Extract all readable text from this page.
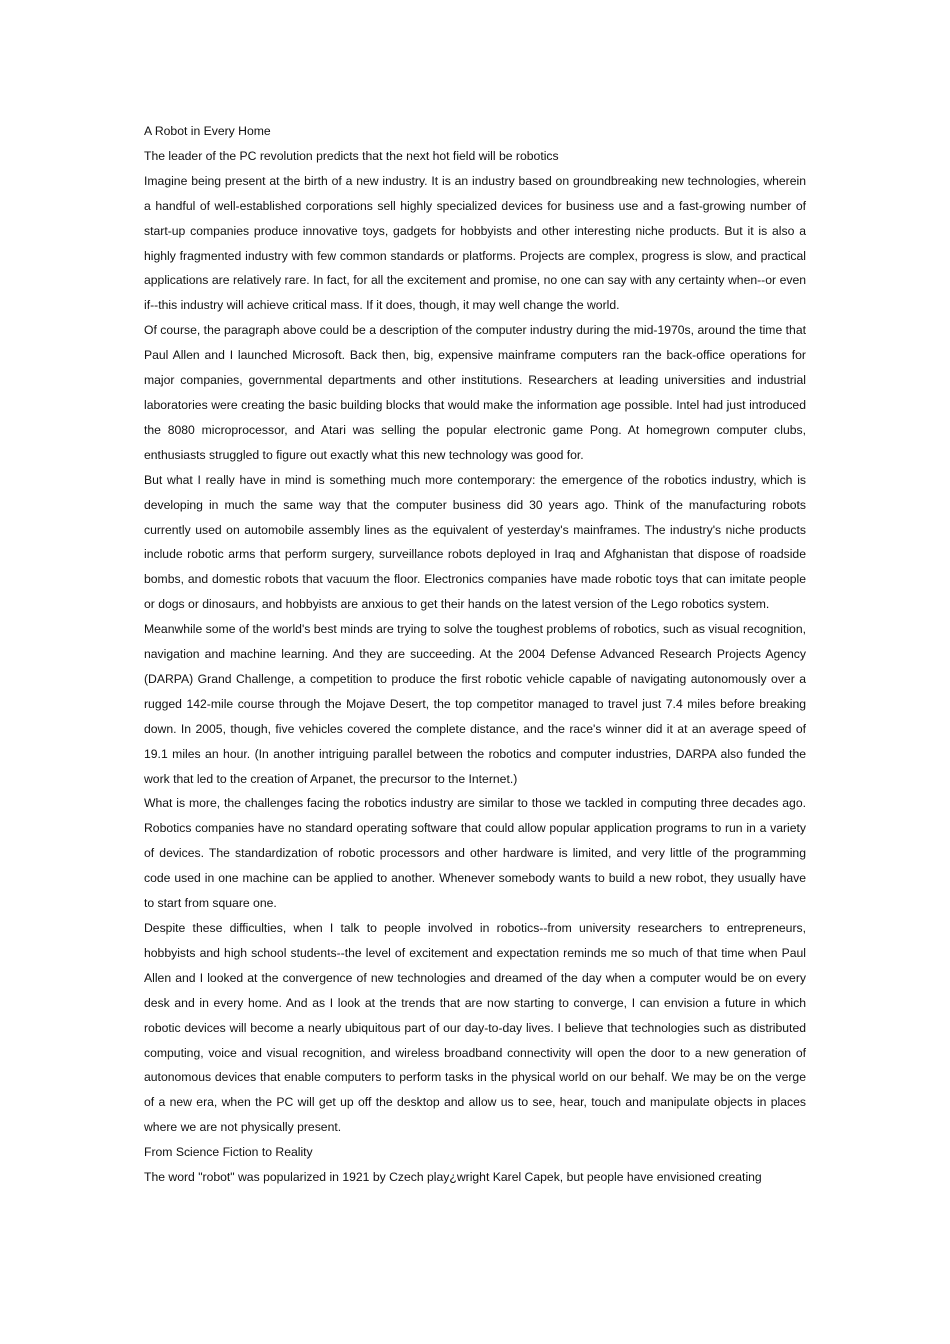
A Robot in Every Home

The leader of the PC revolution predicts that the next hot field will be robotics

Imagine being present at the birth of a new industry. It is an industry based on groundbreaking new technologies, wherein a handful of well-established corporations sell highly specialized devices for business use and a fast-growing number of start-up companies produce innovative toys, gadgets for hobbyists and other interesting niche products. But it is also a highly fragmented industry with few common standards or platforms. Projects are complex, progress is slow, and practical applications are relatively rare. In fact, for all the excitement and promise, no one can say with any certainty when--or even if--this industry will achieve critical mass. If it does, though, it may well change the world.

Of course, the paragraph above could be a description of the computer industry during the mid-1970s, around the time that Paul Allen and I launched Microsoft. Back then, big, expensive mainframe computers ran the back-office operations for major companies, governmental departments and other institutions. Researchers at leading universities and industrial laboratories were creating the basic building blocks that would make the information age possible. Intel had just introduced the 8080 microprocessor, and Atari was selling the popular electronic game Pong. At homegrown computer clubs, enthusiasts struggled to figure out exactly what this new technology was good for.

But what I really have in mind is something much more contemporary: the emergence of the robotics industry, which is developing in much the same way that the computer business did 30 years ago. Think of the manufacturing robots currently used on automobile assembly lines as the equivalent of yesterday's mainframes. The industry's niche products include robotic arms that perform surgery, surveillance robots deployed in Iraq and Afghanistan that dispose of roadside bombs, and domestic robots that vacuum the floor. Electronics companies have made robotic toys that can imitate people or dogs or dinosaurs, and hobbyists are anxious to get their hands on the latest version of the Lego robotics system.

Meanwhile some of the world's best minds are trying to solve the toughest problems of robotics, such as visual recognition, navigation and machine learning. And they are succeeding. At the 2004 Defense Advanced Research Projects Agency (DARPA) Grand Challenge, a competition to produce the first robotic vehicle capable of navigating autonomously over a rugged 142-mile course through the Mojave Desert, the top competitor managed to travel just 7.4 miles before breaking down. In 2005, though, five vehicles covered the complete distance, and the race's winner did it at an average speed of 19.1 miles an hour. (In another intriguing parallel between the robotics and computer industries, DARPA also funded the work that led to the creation of Arpanet, the precursor to the Internet.)

What is more, the challenges facing the robotics industry are similar to those we tackled in computing three decades ago. Robotics companies have no standard operating software that could allow popular application programs to run in a variety of devices. The standardization of robotic processors and other hardware is limited, and very little of the programming code used in one machine can be applied to another. Whenever somebody wants to build a new robot, they usually have to start from square one.

Despite these difficulties, when I talk to people involved in robotics--from university researchers to entrepreneurs, hobbyists and high school students--the level of excitement and expectation reminds me so much of that time when Paul Allen and I looked at the convergence of new technologies and dreamed of the day when a computer would be on every desk and in every home. And as I look at the trends that are now starting to converge, I can envision a future in which robotic devices will become a nearly ubiquitous part of our day-to-day lives. I believe that technologies such as distributed computing, voice and visual recognition, and wireless broadband connectivity will open the door to a new generation of autonomous devices that enable computers to perform tasks in the physical world on our behalf. We may be on the verge of a new era, when the PC will get up off the desktop and allow us to see, hear, touch and manipulate objects in places where we are not physically present.

From Science Fiction to Reality

The word "robot" was popularized in 1921 by Czech play¿wright Karel Capek, but people have envisioned creating
